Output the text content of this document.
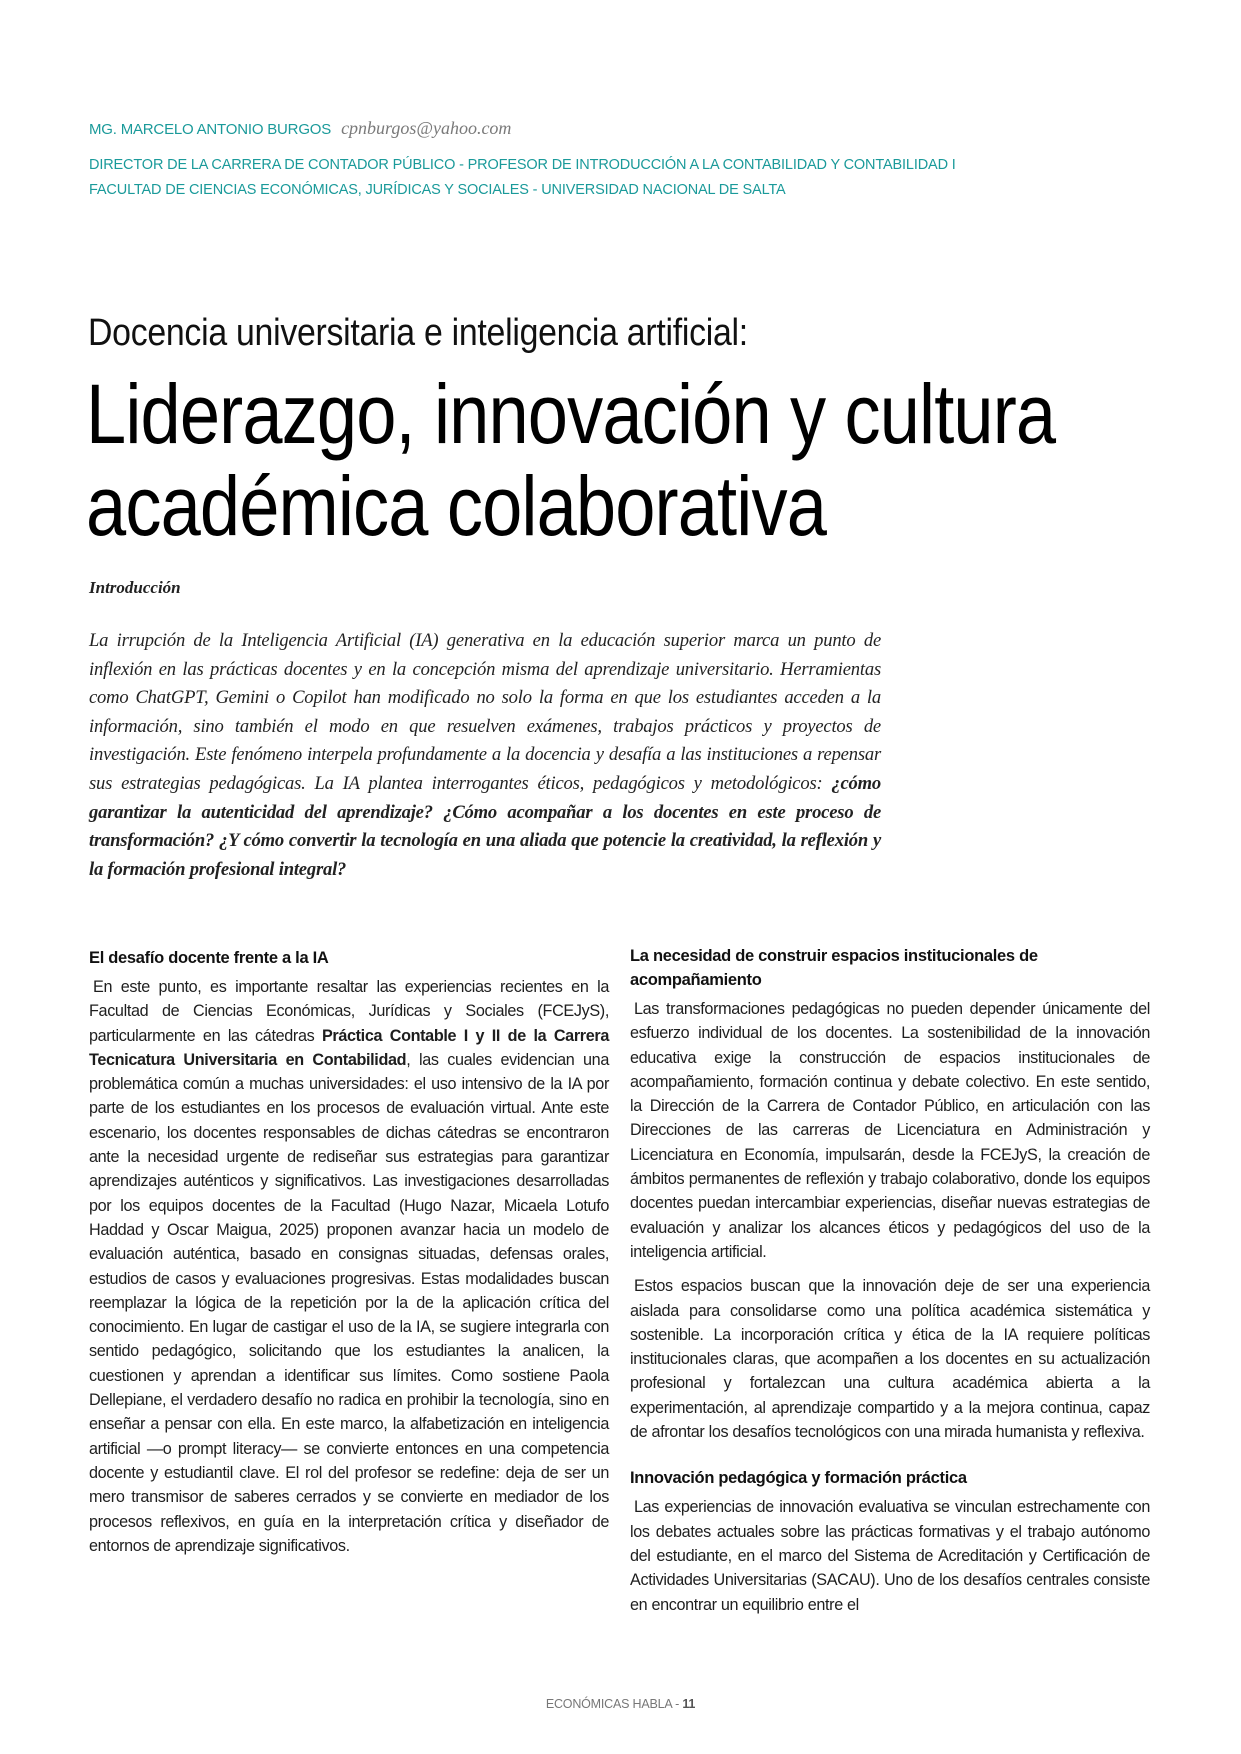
MG. MARCELO ANTONIO BURGOS cpnburgos@yahoo.com
DIRECTOR DE LA CARRERA DE CONTADOR PÚBLICO - PROFESOR DE INTRODUCCIÓN A LA CONTABILIDAD Y CONTABILIDAD I
FACULTAD DE CIENCIAS ECONÓMICAS, JURÍDICAS Y SOCIALES - UNIVERSIDAD NACIONAL DE SALTA
Docencia universitaria e inteligencia artificial:
Liderazgo, innovación y cultura
académica colaborativa
Introducción
La irrupción de la Inteligencia Artificial (IA) generativa en la educación superior marca un punto de inflexión en las prácticas docentes y en la concepción misma del aprendizaje universitario. Herramientas como ChatGPT, Gemini o Copilot han modificado no solo la forma en que los estudiantes acceden a la información, sino también el modo en que resuelven exámenes, trabajos prácticos y proyectos de investigación. Este fenómeno interpela profundamente a la docencia y desafía a las instituciones a repensar sus estrategias pedagógicas. La IA plantea interrogantes éticos, pedagógicos y metodológicos: ¿cómo garantizar la autenticidad del aprendizaje? ¿Cómo acompañar a los docentes en este proceso de transformación? ¿Y cómo convertir la tecnología en una aliada que potencie la creatividad, la reflexión y la formación profesional integral?
El desafío docente frente a la IA

En este punto, es importante resaltar las experiencias recientes en la Facultad de Ciencias Económicas, Jurídicas y Sociales (FCEJyS), particularmente en las cátedras Práctica Contable I y II de la Carrera Tecnicatura Universitaria en Contabilidad, las cuales evidencian una problemática común a muchas universidades: el uso intensivo de la IA por parte de los estudiantes en los procesos de evaluación virtual. Ante este escenario, los docentes responsables de dichas cátedras se encontraron ante la necesidad urgente de rediseñar sus estrategias para garantizar aprendizajes auténticos y significativos. Las investigaciones desarrolladas por los equipos docentes de la Facultad (Hugo Nazar, Micaela Lotufo Haddad y Oscar Maigua, 2025) proponen avanzar hacia un modelo de evaluación auténtica, basado en consignas situadas, defensas orales, estudios de casos y evaluaciones progresivas. Estas modalidades buscan reemplazar la lógica de la repetición por la de la aplicación crítica del conocimiento. En lugar de castigar el uso de la IA, se sugiere integrarla con sentido pedagógico, solicitando que los estudiantes la analicen, la cuestionen y aprendan a identificar sus límites. Como sostiene Paola Dellepiane, el verdadero desafío no radica en prohibir la tecnología, sino en enseñar a pensar con ella. En este marco, la alfabetización en inteligencia artificial —o prompt literacy— se convierte entonces en una competencia docente y estudiantil clave. El rol del profesor se redefine: deja de ser un mero transmisor de saberes cerrados y se convierte en mediador de los procesos reflexivos, en guía en la interpretación crítica y diseñador de entornos de aprendizaje significativos.

La necesidad de construir espacios institucionales de acompañamiento

Las transformaciones pedagógicas no pueden depender únicamente del esfuerzo individual de los docentes. La sostenibilidad de la innovación educativa exige la construcción de espacios institucionales de acompañamiento, formación continua y debate colectivo. En este sentido, la Dirección de la Carrera de Contador Público, en articulación con las Direcciones de las carreras de Licenciatura en Administración y Licenciatura en Economía, impulsarán, desde la FCEJyS, la creación de ámbitos permanentes de reflexión y trabajo colaborativo, donde los equipos docentes puedan intercambiar experiencias, diseñar nuevas estrategias de evaluación y analizar los alcances éticos y pedagógicos del uso de la inteligencia artificial.

Estos espacios buscan que la innovación deje de ser una experiencia aislada para consolidarse como una política académica sistemática y sostenible. La incorporación crítica y ética de la IA requiere políticas institucionales claras, que acompañen a los docentes en su actualización profesional y fortalezcan una cultura académica abierta a la experimentación, al aprendizaje compartido y a la mejora continua, capaz de afrontar los desafíos tecnológicos con una mirada humanista y reflexiva.

Innovación pedagógica y formación práctica

Las experiencias de innovación evaluativa se vinculan estrechamente con los debates actuales sobre las prácticas formativas y el trabajo autónomo del estudiante, en el marco del Sistema de Acreditación y Certificación de Actividades Universitarias (SACAU). Uno de los desafíos centrales consiste en encontrar un equilibrio entre el

ECONÓMICAS HABLA - 11
